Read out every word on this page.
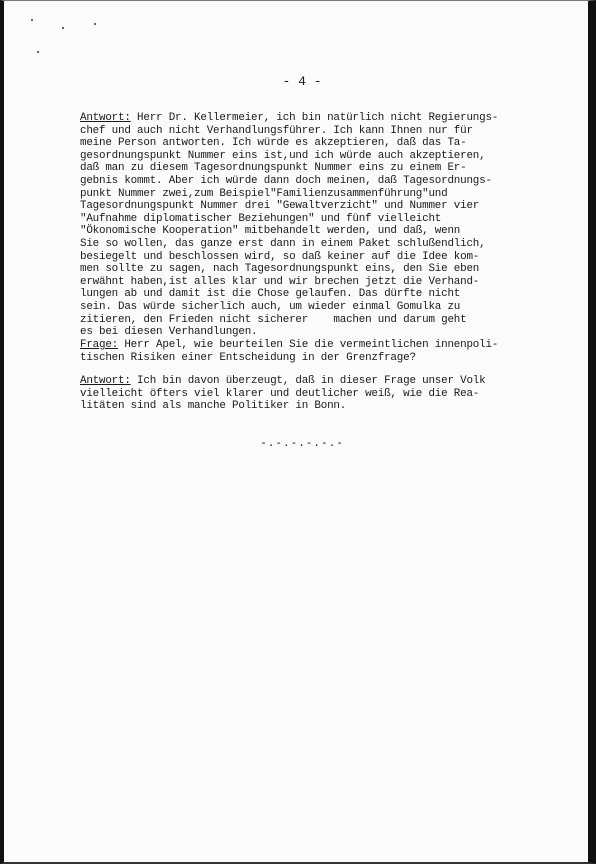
- 4 -
Antwort: Herr Dr. Kellermeier, ich bin natürlich nicht Regierungs-
chef und auch nicht Verhandlungsführer. Ich kann Ihnen nur für
meine Person antworten. Ich würde es akzeptieren, daß das Ta-
gesordnungspunkt Nummer eins ist,und ich würde auch akzeptieren,
daß man zu diesem Tagesordnungspunkt Nummer eins zu einem Er-
gebnis kommt. Aber ich würde dann doch meinen, daß Tagesordnungs-
punkt Nummer zwei,zum Beispiel"Familienzusammenführung"und
Tagesordnungspunkt Nummer drei "Gewaltverzicht" und Nummer vier
"Aufnahme diplomatischer Beziehungen" und fünf vielleicht
"Ökonomische Kooperation" mitbehandelt werden, und daß, wenn
Sie so wollen, das ganze erst dann in einem Paket schlußendlich,
besiegelt und beschlossen wird, so daß keiner auf die Idee kom-
men sollte zu sagen, nach Tagesordnungspunkt eins, den Sie eben
erwähnt haben,ist alles klar und wir brechen jetzt die Verhand-
lungen ab und damit ist die Chose gelaufen. Das dürfte nicht
sein. Das würde sicherlich auch, um wieder einmal Gomulka zu
zitieren, den Frieden nicht sicherer    machen und darum geht
es bei diesen Verhandlungen.
Frage: Herr Apel, wie beurteilen Sie die vermeintlichen innenpoli-
tischen Risiken einer Entscheidung in der Grenzfrage?
Antwort: Ich bin davon überzeugt, daß in dieser Frage unser Volk
vielleicht öfters viel klarer und deutlicher weiß, wie die Rea-
litäten sind als manche Politiker in Bonn.
-.-.-.-.-.-
